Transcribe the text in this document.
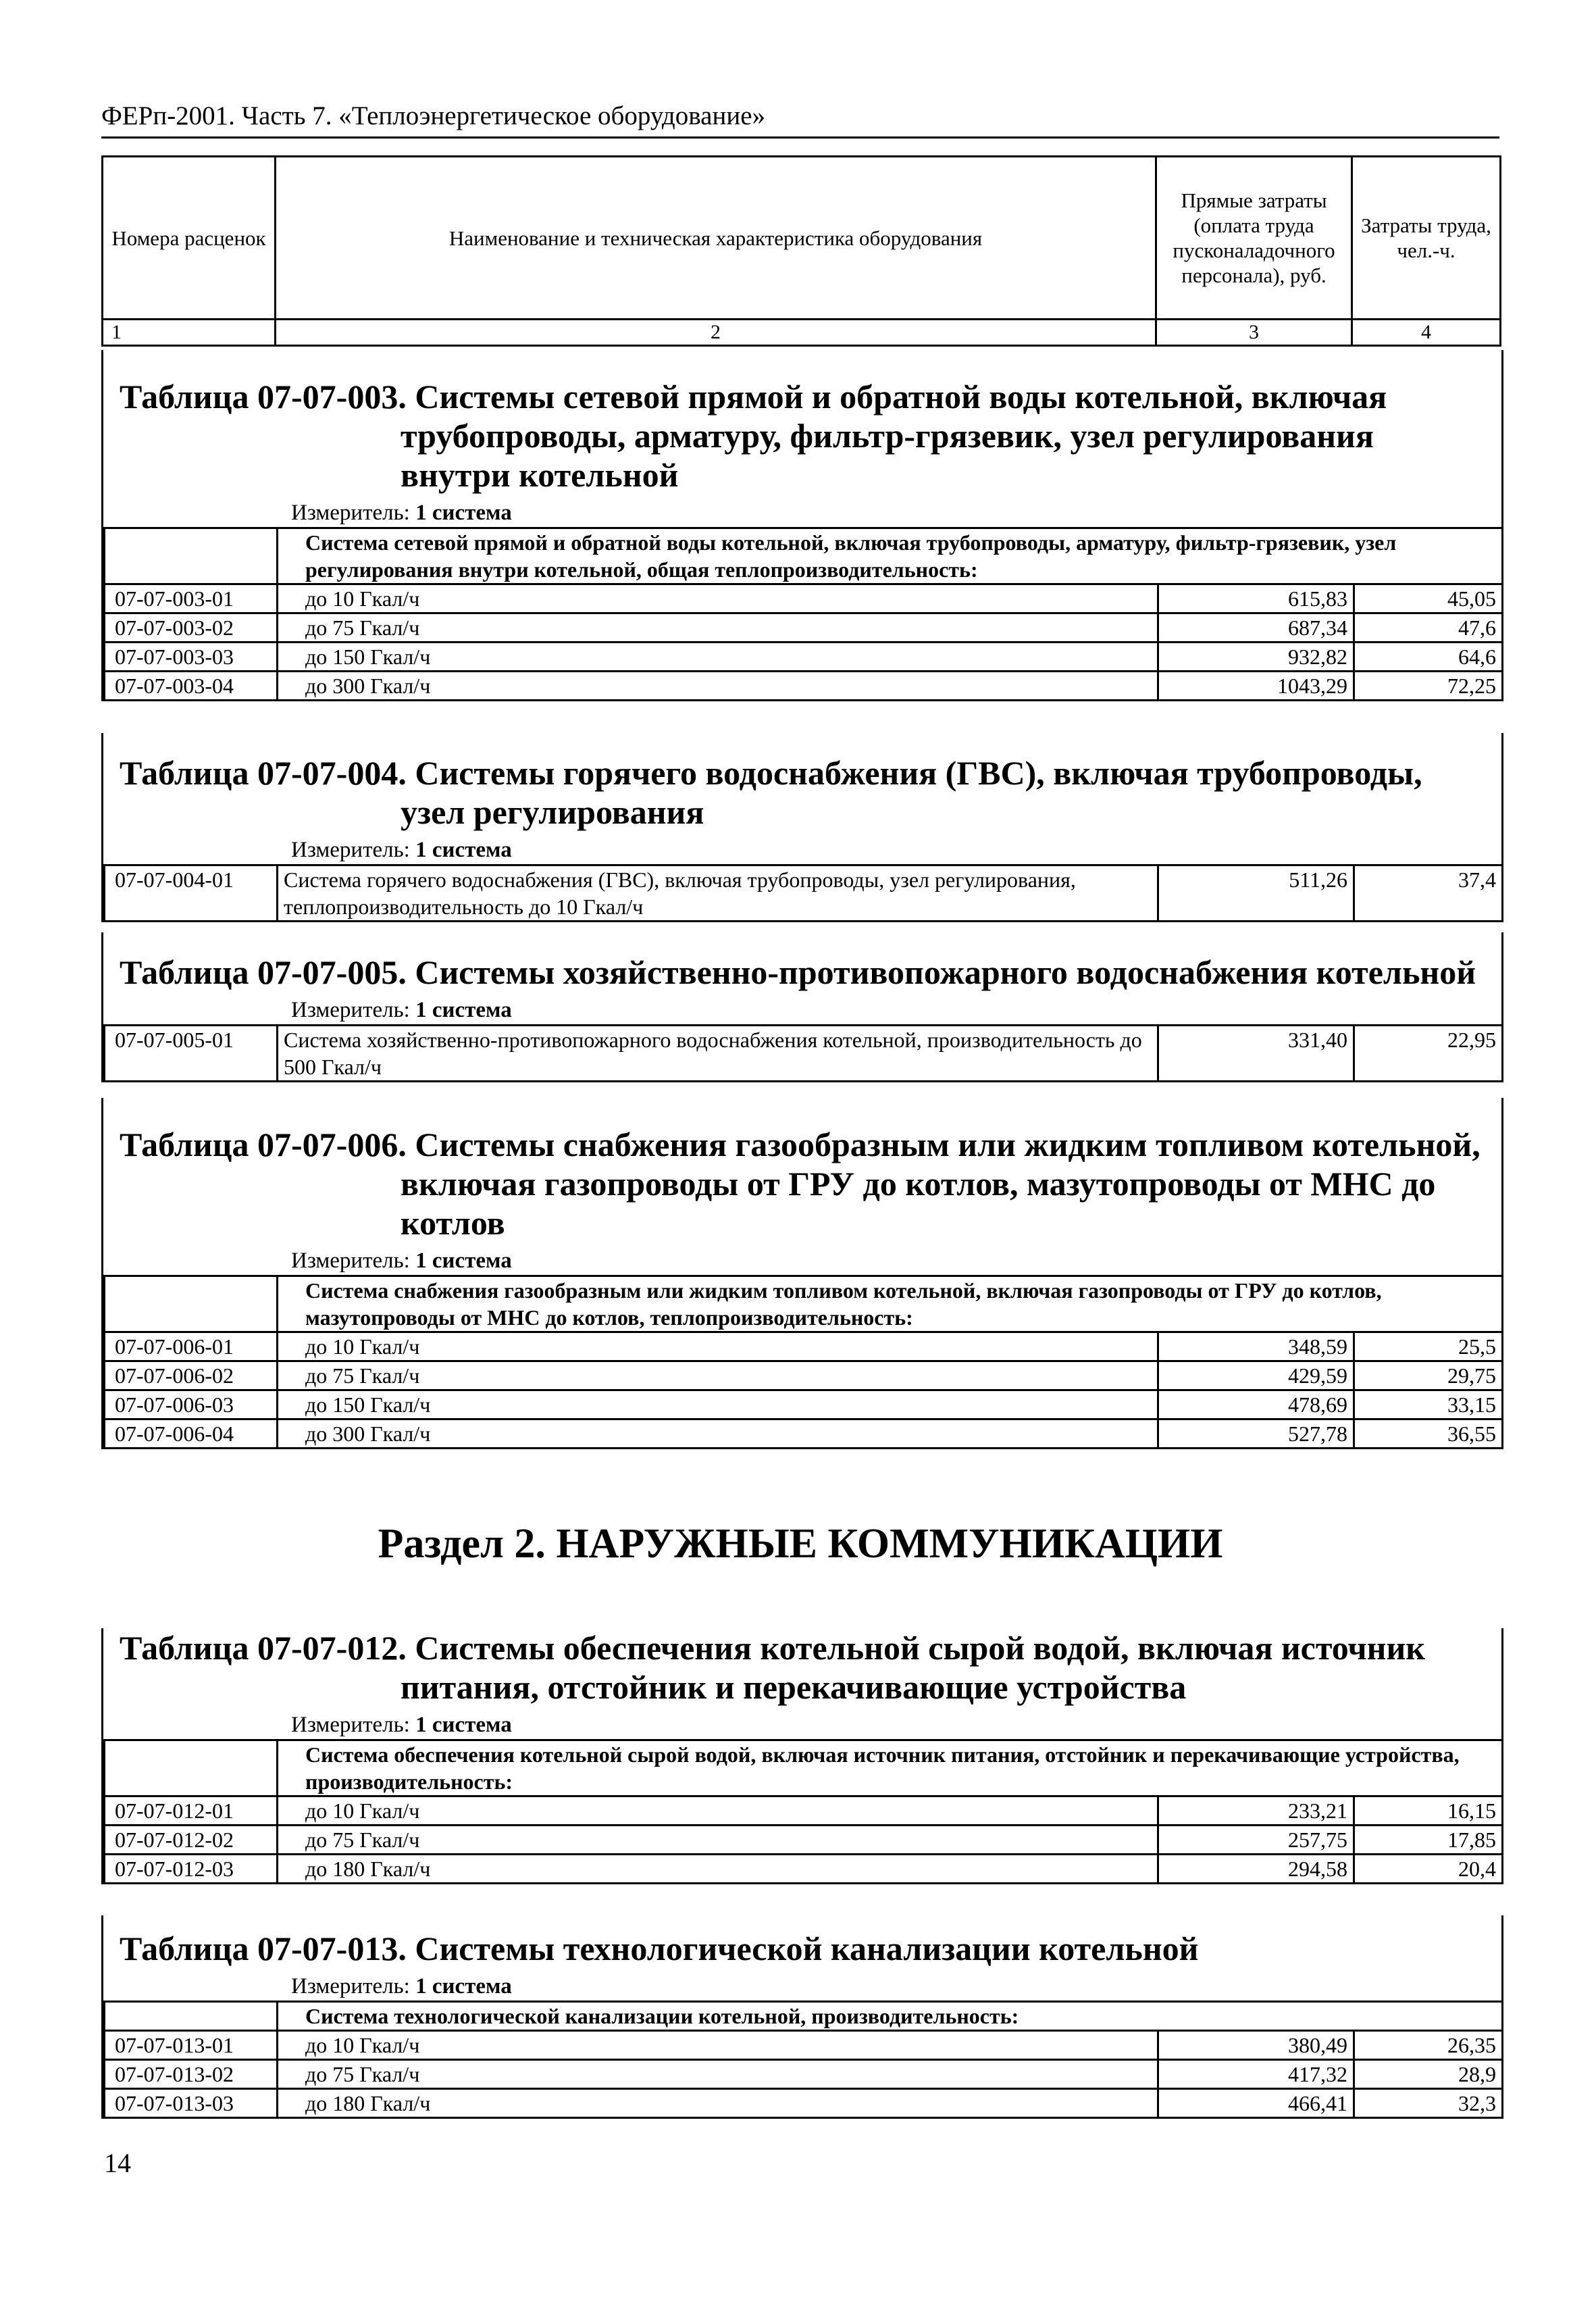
ФЕРп-2001. Часть 7. «Теплоэнергетическое оборудование»
Номера расценок	Наименование и техническая характеристика оборудования	Прямые затраты (оплата труда пусконаладочного персонала), руб.	Затраты труда, чел.-ч.
1	2	3	4

Таблица 07-07-003. Системы сетевой прямой и обратной воды котельной, включая трубопроводы, арматуру, фильтр-грязевик, узел регулирования внутри котельной

Измеритель: 1 система

	Система сетевой прямой и обратной воды котельной, включая трубопроводы, арматуру, фильтр-грязевик, узел регулирования внутри котельной, общая теплопроизводительность:		
07-07-003-01	до 10 Гкал/ч	615,83	45,05
07-07-003-02	до 75 Гкал/ч	687,34	47,6
07-07-003-03	до 150 Гкал/ч	932,82	64,6
07-07-003-04	до 300 Гкал/ч	1043,29	72,25

Таблица 07-07-004. Системы горячего водоснабжения (ГВС), включая трубопроводы, узел регулирования

Измеритель: 1 система

07-07-004-01	Система горячего водоснабжения (ГВС), включая трубопроводы, узел регулирования, теплопроизводительность до 10 Гкал/ч	511,26	37,4

Таблица 07-07-005. Системы хозяйственно-противопожарного водоснабжения котельной

Измеритель: 1 система

07-07-005-01	Система хозяйственно-противопожарного водоснабжения котельной, производительность до 500 Гкал/ч	331,40	22,95

Таблица 07-07-006. Системы снабжения газообразным или жидким топливом котельной, включая газопроводы от ГРУ до котлов, мазутопроводы от МНС до котлов

Измеритель: 1 система

	Система снабжения газообразным или жидким топливом котельной, включая газопроводы от ГРУ до котлов, мазутопроводы от МНС до котлов, теплопроизводительность:		
07-07-006-01	до 10 Гкал/ч	348,59	25,5
07-07-006-02	до 75 Гкал/ч	429,59	29,75
07-07-006-03	до 150 Гкал/ч	478,69	33,15
07-07-006-04	до 300 Гкал/ч	527,78	36,55
Раздел 2. НАРУЖНЫЕ КОММУНИКАЦИИ

Таблица 07-07-012. Системы обеспечения котельной сырой водой, включая источник питания, отстойник и перекачивающие устройства

Измеритель: 1 система

	Система обеспечения котельной сырой водой, включая источник питания, отстойник и перекачивающие устройства, производительность:		
07-07-012-01	до 10 Гкал/ч	233,21	16,15
07-07-012-02	до 75 Гкал/ч	257,75	17,85
07-07-012-03	до 180 Гкал/ч	294,58	20,4

Таблица 07-07-013. Системы технологической канализации котельной

Измеритель: 1 система

	Система технологической канализации котельной, производительность:		
07-07-013-01	до 10 Гкал/ч	380,49	26,35
07-07-013-02	до 75 Гкал/ч	417,32	28,9
07-07-013-03	до 180 Гкал/ч	466,41	32,3
14
